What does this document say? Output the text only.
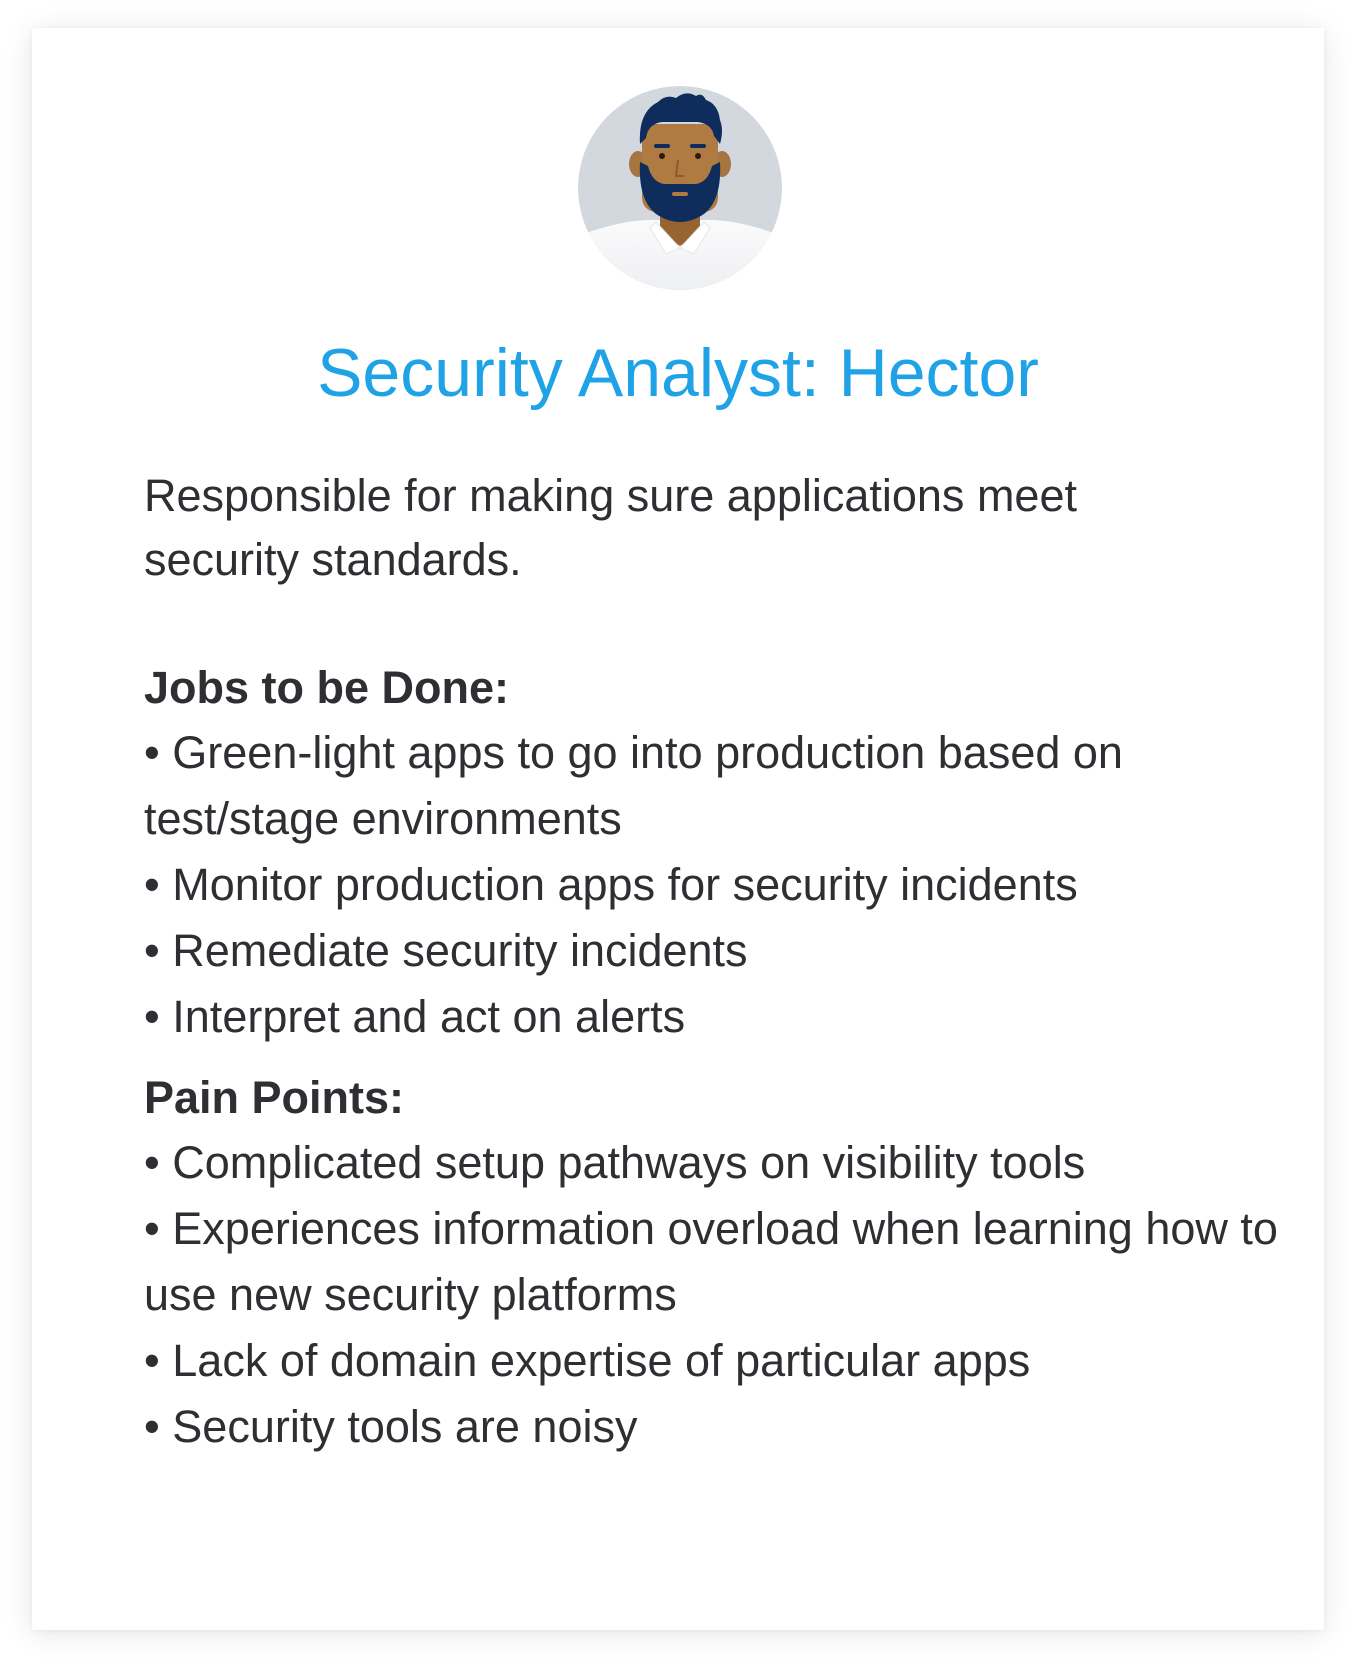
Security Analyst: Hector

Responsible for making sure applications meet security standards.

Jobs to be Done:
• Green-light apps to go into production based on test/stage environments
• Monitor production apps for security incidents
• Remediate security incidents
• Interpret and act on alerts
Pain Points:
• Complicated setup pathways on visibility tools
• Experiences information overload when learning how to use new security platforms
• Lack of domain expertise of particular apps
• Security tools are noisy
